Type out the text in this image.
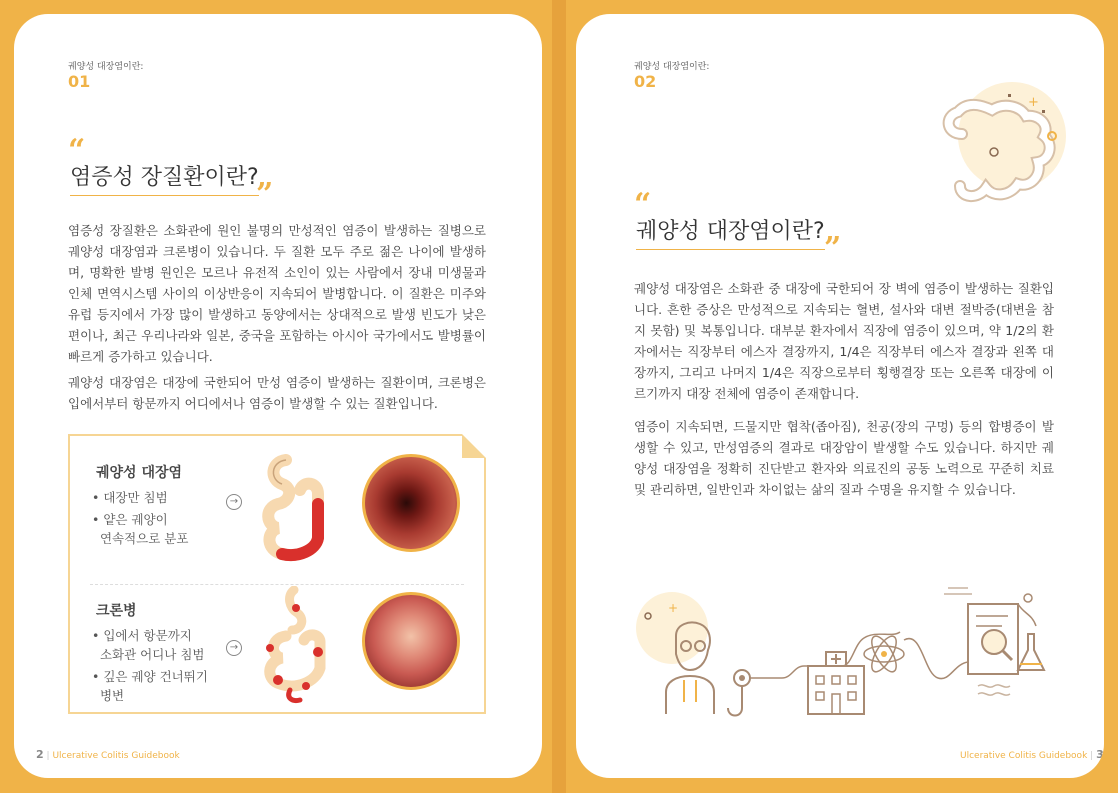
궤양성 대장염이란:
01
“
염증성 장질환이란?
”

염증성 장질환은 소화관에 원인 불명의 만성적인 염증이 발생하는 질병으로 궤양성 대장염과 크론병이 있습니다. 두 질환 모두 주로 젊은 나이에 발생하며, 명확한 발병 원인은 모르나 유전적 소인이 있는 사람에서 장내 미생물과 인체 면역시스템 사이의 이상반응이 지속되어 발병합니다. 이 질환은 미주와 유럽 등지에서 가장 많이 발생하고 동양에서는 상대적으로 발생 빈도가 낮은 편이나, 최근 우리나라와 일본, 중국을 포함하는 아시아 국가에서도 발병률이 빠르게 증가하고 있습니다.

궤양성 대장염은 대장에 국한되어 만성 염증이 발생하는 질환이며, 크론병은 입에서부터 항문까지 어디에서나 염증이 발생할 수 있는 질환입니다.

궤양성 대장염
• 대장만 침범
• 얕은 궤양이
연속적으로 분포
→
크론병
• 입에서 항문까지
소화관 어디나 침범
• 깊은 궤양 건너뛰기
병변
→
2 | Ulcerative Colitis Guidebook
궤양성 대장염이란:
02
+
“
궤양성 대장염이란? ”

궤양성 대장염은 소화관 중 대장에 국한되어 장 벽에 염증이 발생하는 질환입니다. 흔한 증상은 만성적으로 지속되는 혈변, 설사와 대변 절박증(대변을 참지 못함) 및 복통입니다. 대부분 환자에서 직장에 염증이 있으며, 약 1/2의 환자에서는 직장부터 에스자 결장까지, 1/4은 직장부터 에스자 결장과 왼쪽 대장까지, 그리고 나머지 1/4은 직장으로부터 횡행결장 또는 오른쪽 대장에 이르기까지 대장 전체에 염증이 존재합니다.

염증이 지속되면, 드물지만 협착(좁아짐), 천공(장의 구멍) 등의 합병증이 발생할 수 있고, 만성염증의 결과로 대장암이 발생할 수도 있습니다. 하지만 궤양성 대장염을 정확히 진단받고 환자와 의료진의 공동 노력으로 꾸준히 치료 및 관리하면, 일반인과 차이없는 삶의 질과 수명을 유지할 수 있습니다.

+
Ulcerative Colitis Guidebook | 3
